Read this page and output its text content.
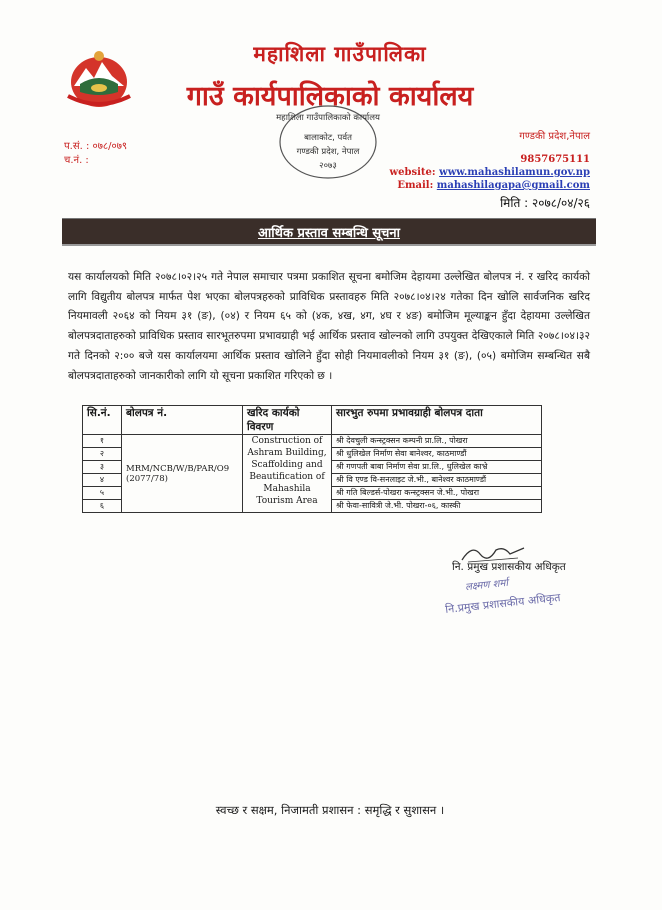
महाशिला गाउँपालिका
गाउँ कार्यपालिकाको कार्यालय
महाशिला गाउँपालिकाको कार्यालय
बालाकोट, पर्वत
गण्डकी प्रदेश, नेपाल
२०७३
प.सं. : ०७८/०७९
च.नं. :
गण्डकी प्रदेश,नेपाल
9857675111
website: www.mahashilamun.gov.np
Email: mahashilagapa@gmail.com
मिति : २०७८/०४/२६
आर्थिक प्रस्ताव सम्बन्धि सूचना
यस कार्यालयको मिति २०७८।०२।२५ गते नेपाल समाचार पत्रमा प्रकाशित सूचना बमोजिम देहायमा उल्लेखित बोलपत्र नं. र खरिद कार्यको लागि विद्युतीय बोलपत्र मार्फत पेश भएका बोलपत्रहरुको प्राविधिक प्रस्तावहरु मिति २०७८।०४।२४ गतेका दिन खोलि सार्वजनिक खरिद नियमावली २०६४ को नियम ३१ (ङ), (०४) र नियम ६५ को (४क, ४ख, ४ग, ४घ र ४ङ) बमोजिम मूल्याङ्कन हुँदा देहायमा उल्लेखित बोलपत्रदाताहरुको प्राविधिक प्रस्ताव सारभूतरुपमा प्रभावग्राही भई आर्थिक प्रस्ताव खोल्नको लागि उपयुक्त देखिएकाले मिति २०७८।०४।३२ गते दिनको २:०० बजे यस कार्यालयमा आर्थिक प्रस्ताव खोलिने हुँदा सोही नियमावलीको नियम ३१ (ङ), (०५) बमोजिम सम्बन्धित सबै बोलपत्रदाताहरुको जानकारीको लागि यो सूचना प्रकाशित गरिएको छ ।
सि.नं.	बोलपत्र नं.	खरिद कार्यको विवरण	सारभुत रुपमा प्रभावग्राही बोलपत्र दाता
१	MRM/NCB/W/B/PAR/O9 (2077/78)	Construction of Ashram Building, Scaffolding and Beautification of Mahashila Tourism Area	श्री देवचुली कन्स्ट्रक्सन कम्पनी प्रा.लि., पोखरा
२			श्री धुलिखेल निर्माण सेवा बानेश्वर, काठमाण्डौं
३			श्री गणपती बाबा निर्माण सेवा प्रा.लि., धुलिखेल काभ्रे
४			श्री वि एण्ड वि-सनलाइट जे.भी., बानेश्वर काठमाण्डौं
५			श्री गति बिल्डर्स-पोखरा कन्स्ट्रक्सन जे.भी., पोखरा
६			श्री फेवा-सावित्री जे.भी. पोखरा-०६, कास्की
नि. प्रमुख प्रशासकीय अधिकृत
लक्ष्मण शर्मा
नि.प्रमुख प्रशासकीय अधिकृत
स्वच्छ र सक्षम, निजामती प्रशासन : समृद्धि र सुशासन ।
